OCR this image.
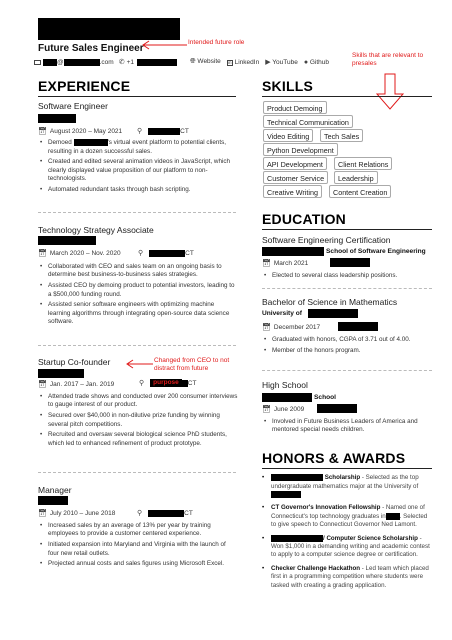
Future Sales Engineer
Intended future role
@	.com ✆ +1	🌐︎ Website in LinkedIn ▶ YouTube ● Github
Skills that are relevant to presales
EXPERIENCE
Software Engineer
📅︎ August 2020 – May 2021 ⚲	CT
• Demoed	's virtual event platform to potential clients, resulting in a dozen successful sales.
• Created and edited several animation videos in JavaScript, which clearly displayed value proposition of our platform to non-technologists.
• Automated redundant tasks through bash scripting.
Technology Strategy Associate
📅︎ March 2020 – Nov. 2020 ⚲	CT
• Collaborated with CEO and sales team on an ongoing basis to determine best business-to-business sales strategies.
• Assisted CEO by demoing product to potential investors, leading to a $500,000 funding round.
• Assisted senior software engineers with optimizing machine learning algorithms through integrating open-source data science software.
Startup Co-founder	Changed from CEO to not distract from future
📅︎ Jan. 2017 – Jan. 2019	⚲	purpose	CT
• Attended trade shows and conducted over 200 consumer interviews to gauge interest of our product.
• Secured over $40,000 in non-dilutive prize funding by winning several pitch competitions.
• Recruited and oversaw several biological science PhD students, which led to enhanced refinement of product prototype.
Manager
📅︎ July 2010 – June 2018	⚲	CT
• Increased sales by an average of 13% per year by training employees to provide a customer centered experience.
• Initiated expansion into Maryland and Virginia with the launch of four new retail outlets.
• Projected annual costs and sales figures using Microsoft Excel.
SKILLS
Product Demoing
Technical Communication
Video Editing	Tech Sales
Python Development
API Development	Client Relations
Customer Service	Leadership
Creative Writing	Content Creation
EDUCATION
Software Engineering Certification
School of Software Engineering
📅︎ March 2021
• Elected to several class leadership positions.
Bachelor of Science in Mathematics
University of
📅︎ December 2017
• Graduated with honors, CGPA of 3.71 out of 4.00.
• Member of the honors program.
High School
School
📅︎ June 2009
• Involved in Future Business Leaders of America and mentored special needs children.
HONORS & AWARDS
• Scholarship - Selected as the top undergraduate mathematics major at the University of
• CT Governor's Innovation Fellowship - Named one of Connecticut's top technology graduates in . Selected to give speech to Connecticut Governor Ned Lamont.
• / Computer Science Scholarship - Won $1,000 in a demanding writing and academic contest to apply to a computer science degree or certification.
• Checker Challenge Hackathon - Led team which placed first in a programming competition where students were tasked with creating a grading application.
